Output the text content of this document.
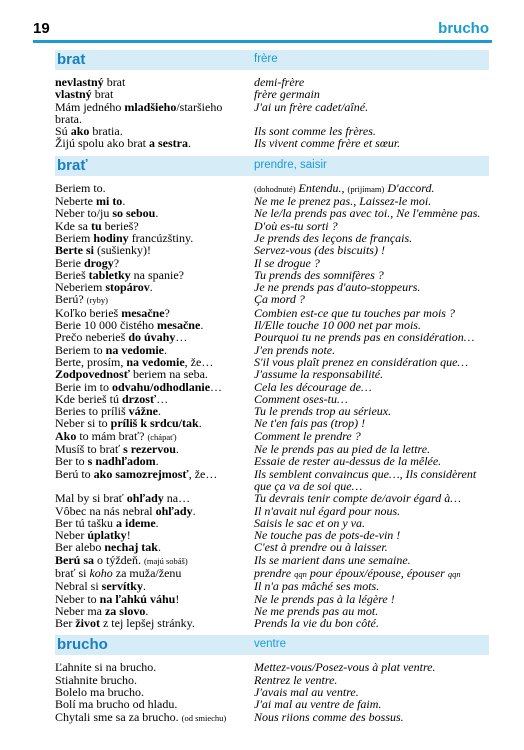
19	brucho
brat	frère
nevlastný brat	demi-frère
vlastný brat	frère germain
Mám jedného mladšieho/staršieho	J'ai un frère cadet/aîné.
brata.
Sú ako bratia.	Ils sont comme les frères.
Žijú spolu ako brat a sestra.	Ils vivent comme frère et sœur.
brať	prendre, saisir
Beriem to.	(dohodnuté) Entendu., (prijímam) D'accord.
Neberte mi to.	Ne me le prenez pas., Laissez-le moi.
Neber to/ju so sebou.	Ne le/la prends pas avec toi., Ne l'emmène pas.
Kde sa tu berieš?	D'où es-tu sorti ?
Beriem hodiny francúzštiny.	Je prends des leçons de français.
Berte si (sušienky)!	Servez-vous (des biscuits) !
Berie drogy?	Il se drogue ?
Berieš tabletky na spanie?	Tu prends des somnifères ?
Neberiem stopárov.	Je ne prends pas d'auto-stoppeurs.
Berú? (ryby)	Ça mord ?
Koľko berieš mesačne?	Combien est-ce que tu touches par mois ?
Berie 10 000 čistého mesačne.	Il/Elle touche 10 000 net par mois.
Prečo neberieš do úvahy…	Pourquoi tu ne prends pas en considération…
Beriem to na vedomie.	J'en prends note.
Berte, prosím, na vedomie, že…	S'il vous plaît prenez en considération que…
Zodpovednosť beriem na seba.	J'assume la responsabilité.
Berie im to odvahu/odhodlanie…	Cela les décourage de…
Kde berieš tú drzosť…	Comment oses-tu…
Beries to príliš vážne.	Tu le prends trop au sérieux.
Neber si to príliš k srdcu/tak.	Ne t'en fais pas (trop) !
Ako to mám brať? (chápať)	Comment le prendre ?
Musíš to brať s rezervou.	Ne le prends pas au pied de la lettre.
Ber to s nadhľadom.	Essaie de rester au-dessus de la mêlée.
Berú to ako samozrejmosť, že…	Ils semblent convaincus que…, Ils considèrent
que ça va de soi que…
Mal by si brať ohľady na…	Tu devrais tenir compte de/avoir égard à…
Vôbec na nás nebral ohľady.	Il n'avait nul égard pour nous.
Ber tú tašku a ideme.	Saisis le sac et on y va.
Neber úplatky!	Ne touche pas de pots-de-vin !
Ber alebo nechaj tak.	C'est à prendre ou à laisser.
Berú sa o týždeň. (majú sobáš)	Ils se marient dans une semaine.
brať si koho za muža/ženu	prendre qqn pour époux/épouse, épouser qqn
Nebral si servítky.	Il n'a pas mâché ses mots.
Neber to na ľahkú váhu!	Ne le prends pas à la légère !
Neber ma za slovo.	Ne me prends pas au mot.
Ber život z tej lepšej stránky.	Prends la vie du bon côté.
brucho	ventre
Ľahnite si na brucho.	Mettez-vous/Posez-vous à plat ventre.
Stiahnite brucho.	Rentrez le ventre.
Bolelo ma brucho.	J'avais mal au ventre.
Bolí ma brucho od hladu.	J'ai mal au ventre de faim.
Chytali sme sa za brucho. (od smiechu)	Nous riions comme des bossus.
